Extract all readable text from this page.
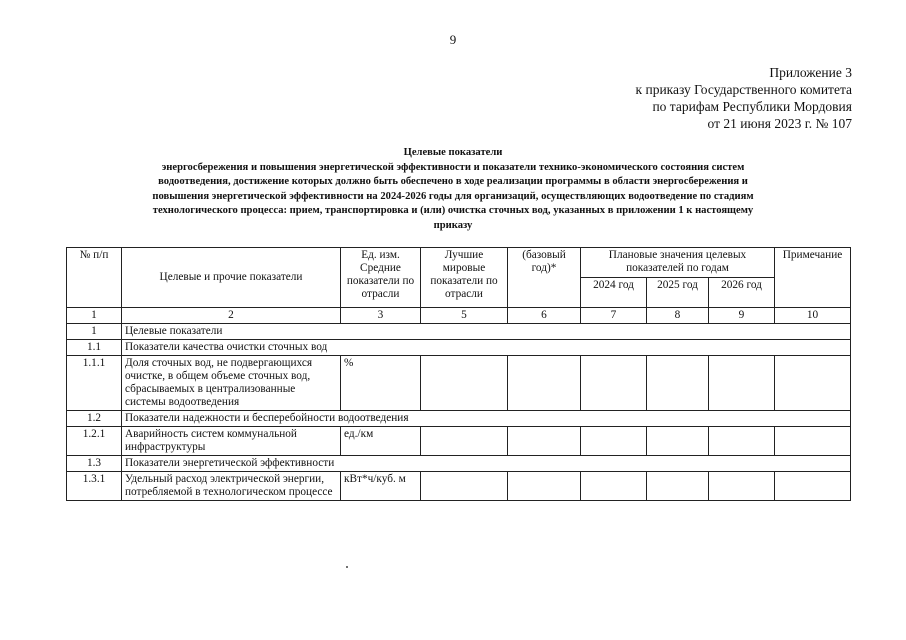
9
Приложение 3
к приказу Государственного комитета
по тарифам Республики Мордовия
от 21 июня 2023 г. № 107
Целевые показатели
энергосбережения и повышения энергетической эффективности и показатели технико-экономического состояния систем
водоотведения, достижение которых должно быть обеспечено в ходе реализации программы в области энергосбережения и
повышения энергетической эффективности на 2024-2026 годы для организаций, осуществляющих водоотведение по стадиям
технологического процесса: прием, транспортировка и (или) очистка сточных вод, указанных в приложении 1 к настоящему
приказу
№ п/п	Целевые и прочие показатели	Ед. изм. Средние показатели по отрасли	Лучшие мировые показатели по отрасли	(базовый год)*	Плановые значения целевых показателей по годам			Примечание
					2024 год	2025 год	2026 год	
1	2	3	5	6	7	8	9	10
1	Целевые показатели							
1.1	Показатели качества очистки сточных вод							
1.1.1	Доля сточных вод, не подвергающихся очистке, в общем объеме сточных вод, сбрасываемых в централизованные системы водоотведения	%						
1.2	Показатели надежности и бесперебойности водоотведения							
1.2.1	Аварийность систем коммунальной инфраструктуры	ед./км						
1.3	Показатели энергетической эффективности							
1.3.1	Удельный расход электрической энергии, потребляемой в технологическом процессе	кВт*ч/куб. м						
